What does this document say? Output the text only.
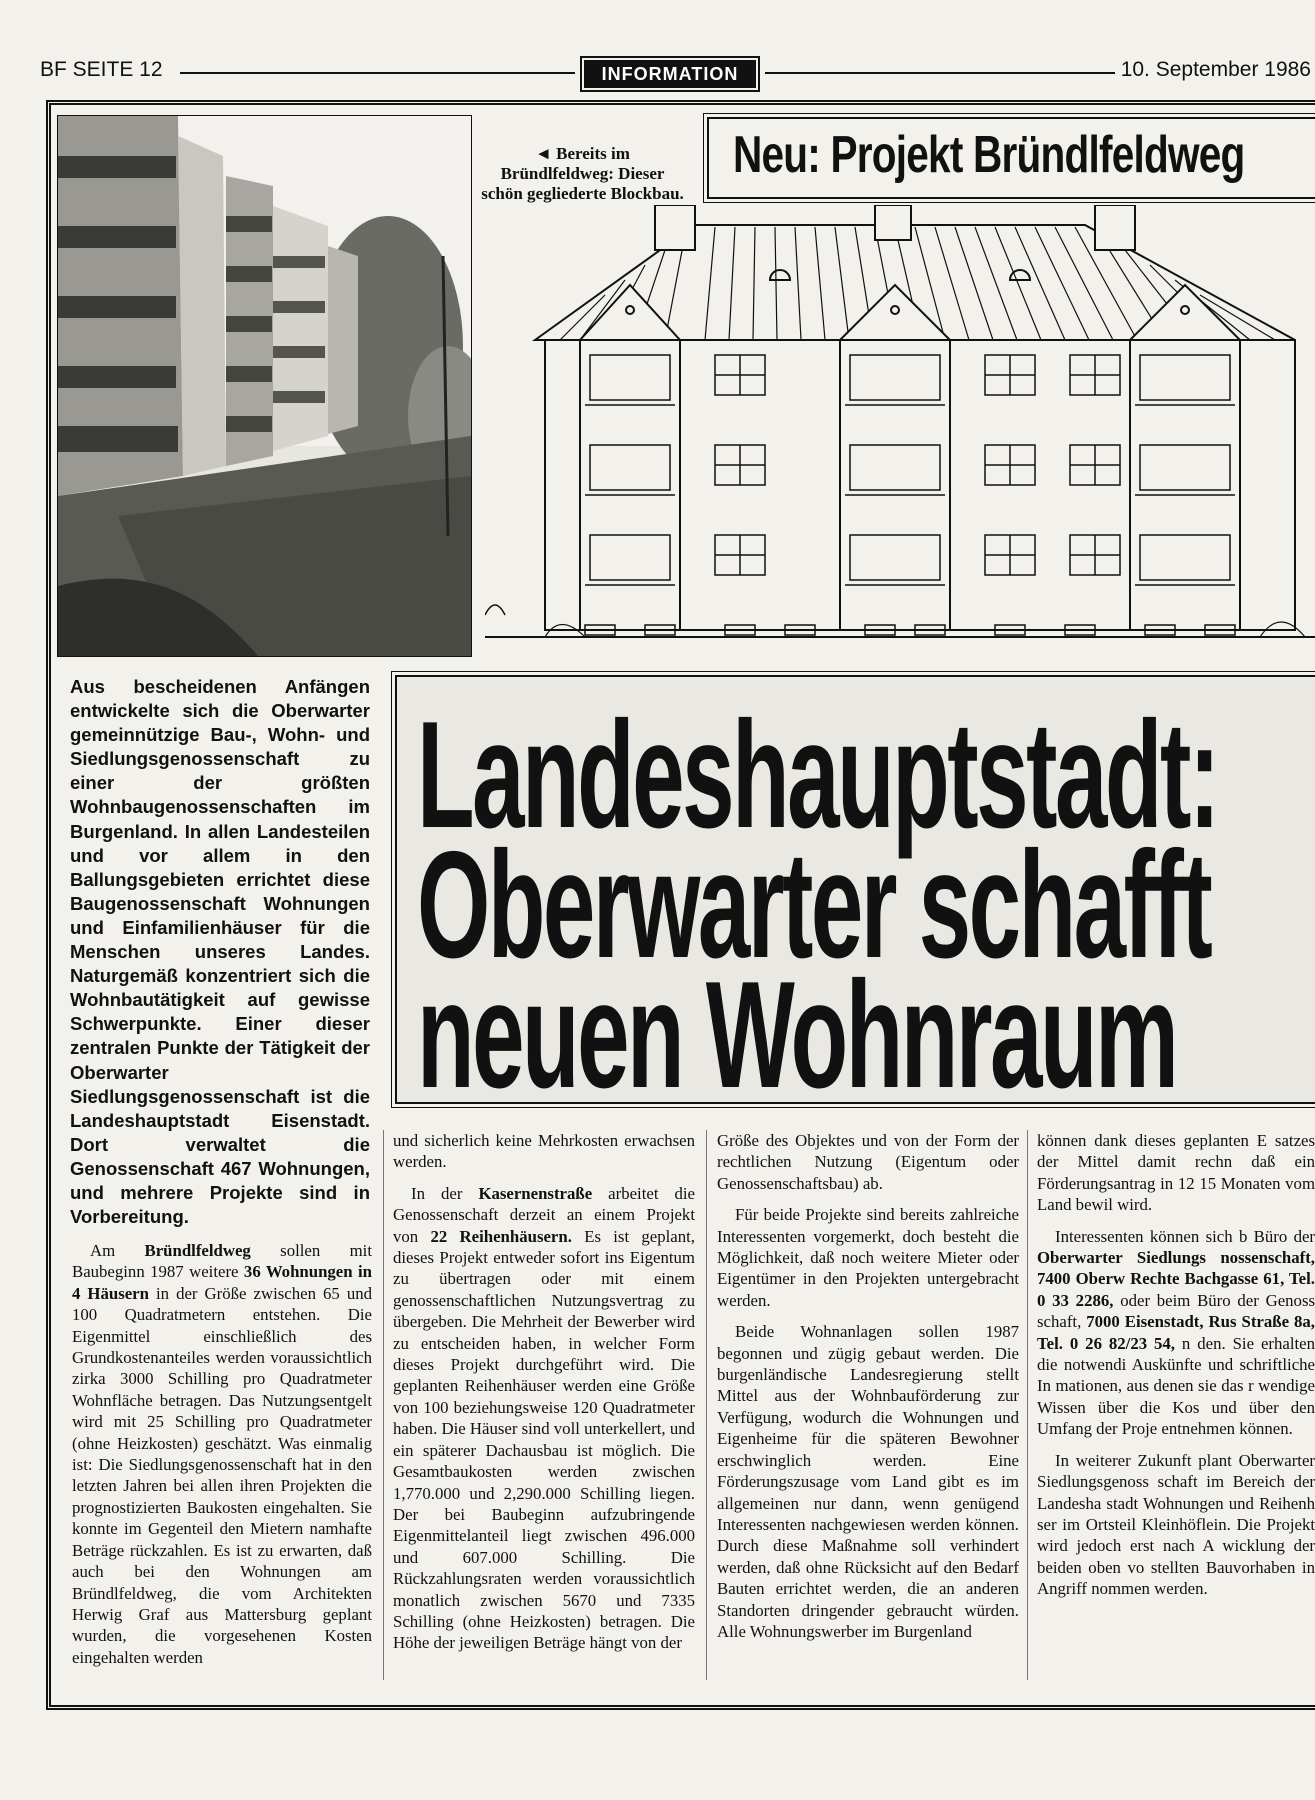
BF SEITE 12	INFORMATION	10. September 1986
◄ Bereits im Bründlfeldweg: Dieser schön gegliederte Blockbau.
Neu: Projekt Bründlfeldweg
Aus bescheidenen Anfängen entwickelte sich die Oberwarter gemeinnützige Bau-, Wohn- und Siedlungsgenossenschaft zu einer der größten Wohnbaugenossenschaften im Burgenland. In allen Landesteilen und vor allem in den Ballungsgebieten errichtet diese Baugenossenschaft Wohnungen und Einfamilienhäuser für die Menschen unseres Landes. Naturgemäß konzentriert sich die Wohnbautätigkeit auf gewisse Schwerpunkte. Einer dieser zentralen Punkte der Tätigkeit der Oberwarter Siedlungsgenossenschaft ist die Landeshauptstadt Eisenstadt. Dort verwaltet die Genossenschaft 467 Wohnungen, und mehrere Projekte sind in Vorbereitung.
Landeshauptstadt:
Oberwarter schafft
neuen Wohnraum

Am Bründlfeldweg sollen mit Baubeginn 1987 weitere 36 Wohnungen in 4 Häusern in der Größe zwischen 65 und 100 Quadratmetern entstehen. Die Eigenmittel einschließlich des Grundkostenanteiles werden voraussichtlich zirka 3000 Schilling pro Quadratmeter Wohnfläche betragen. Das Nutzungsentgelt wird mit 25 Schilling pro Quadratmeter (ohne Heizkosten) geschätzt. Was einmalig ist: Die Siedlungsgenossenschaft hat in den letzten Jahren bei allen ihren Projekten die prognostizierten Baukosten eingehalten. Sie konnte im Gegenteil den Mietern namhafte Beträge rückzahlen. Es ist zu erwarten, daß auch bei den Wohnungen am Bründlfeldweg, die vom Architekten Herwig Graf aus Mattersburg geplant wurden, die vorgesehenen Kosten eingehalten werden

und sicherlich keine Mehrkosten erwachsen werden.

In der Kasernenstraße arbeitet die Genossenschaft derzeit an einem Projekt von 22 Reihenhäusern. Es ist geplant, dieses Projekt entweder sofort ins Eigentum zu übertragen oder mit einem genossenschaftlichen Nutzungsvertrag zu übergeben. Die Mehrheit der Bewerber wird zu entscheiden haben, in welcher Form dieses Projekt durchgeführt wird. Die geplanten Reihenhäuser werden eine Größe von 100 beziehungsweise 120 Quadratmeter haben. Die Häuser sind voll unterkellert, und ein späterer Dachausbau ist möglich. Die Gesamtbaukosten werden zwischen 1,770.000 und 2,290.000 Schilling liegen. Der bei Baubeginn aufzubringende Eigenmittelanteil liegt zwischen 496.000 und 607.000 Schilling. Die Rückzahlungsraten werden voraussichtlich monatlich zwischen 5670 und 7335 Schilling (ohne Heizkosten) betragen. Die Höhe der jeweiligen Beträge hängt von der

Größe des Objektes und von der Form der rechtlichen Nutzung (Eigentum oder Genossenschaftsbau) ab.

Für beide Projekte sind bereits zahlreiche Interessenten vorgemerkt, doch besteht die Möglichkeit, daß noch weitere Mieter oder Eigentümer in den Projekten untergebracht werden.

Beide Wohnanlagen sollen 1987 begonnen und zügig gebaut werden. Die burgenländische Landesregierung stellt Mittel aus der Wohnbauförderung zur Verfügung, wodurch die Wohnungen und Eigenheime für die späteren Bewohner erschwinglich werden. Eine Förderungszusage vom Land gibt es im allgemeinen nur dann, wenn genügend Interessenten nachgewiesen werden können. Durch diese Maßnahme soll verhindert werden, daß ohne Rücksicht auf den Bedarf Bauten errichtet werden, die an anderen Standorten dringender gebraucht würden. Alle Wohnungswerber im Burgenland

können dank dieses geplanten E satzes der Mittel damit rechn daß ein Förderungsantrag in 12 15 Monaten vom Land bewil wird.

Interessenten können sich b Büro der Oberwarter Siedlungs nossenschaft, 7400 Oberw Rechte Bachgasse 61, Tel. 0 33 2286, oder beim Büro der Genoss schaft, 7000 Eisenstadt, Rus Straße 8a, Tel. 0 26 82/23 54, n den. Sie erhalten die notwendi Auskünfte und schriftliche In mationen, aus denen sie das r wendige Wissen über die Kos und über den Umfang der Proje entnehmen können.

In weiterer Zukunft plant Oberwarter Siedlungsgenoss schaft im Bereich der Landesha stadt Wohnungen und Reihenh ser im Ortsteil Kleinhöflein. Die Projekt wird jedoch erst nach A wicklung der beiden oben vo stellten Bauvorhaben in Angriff nommen werden.
